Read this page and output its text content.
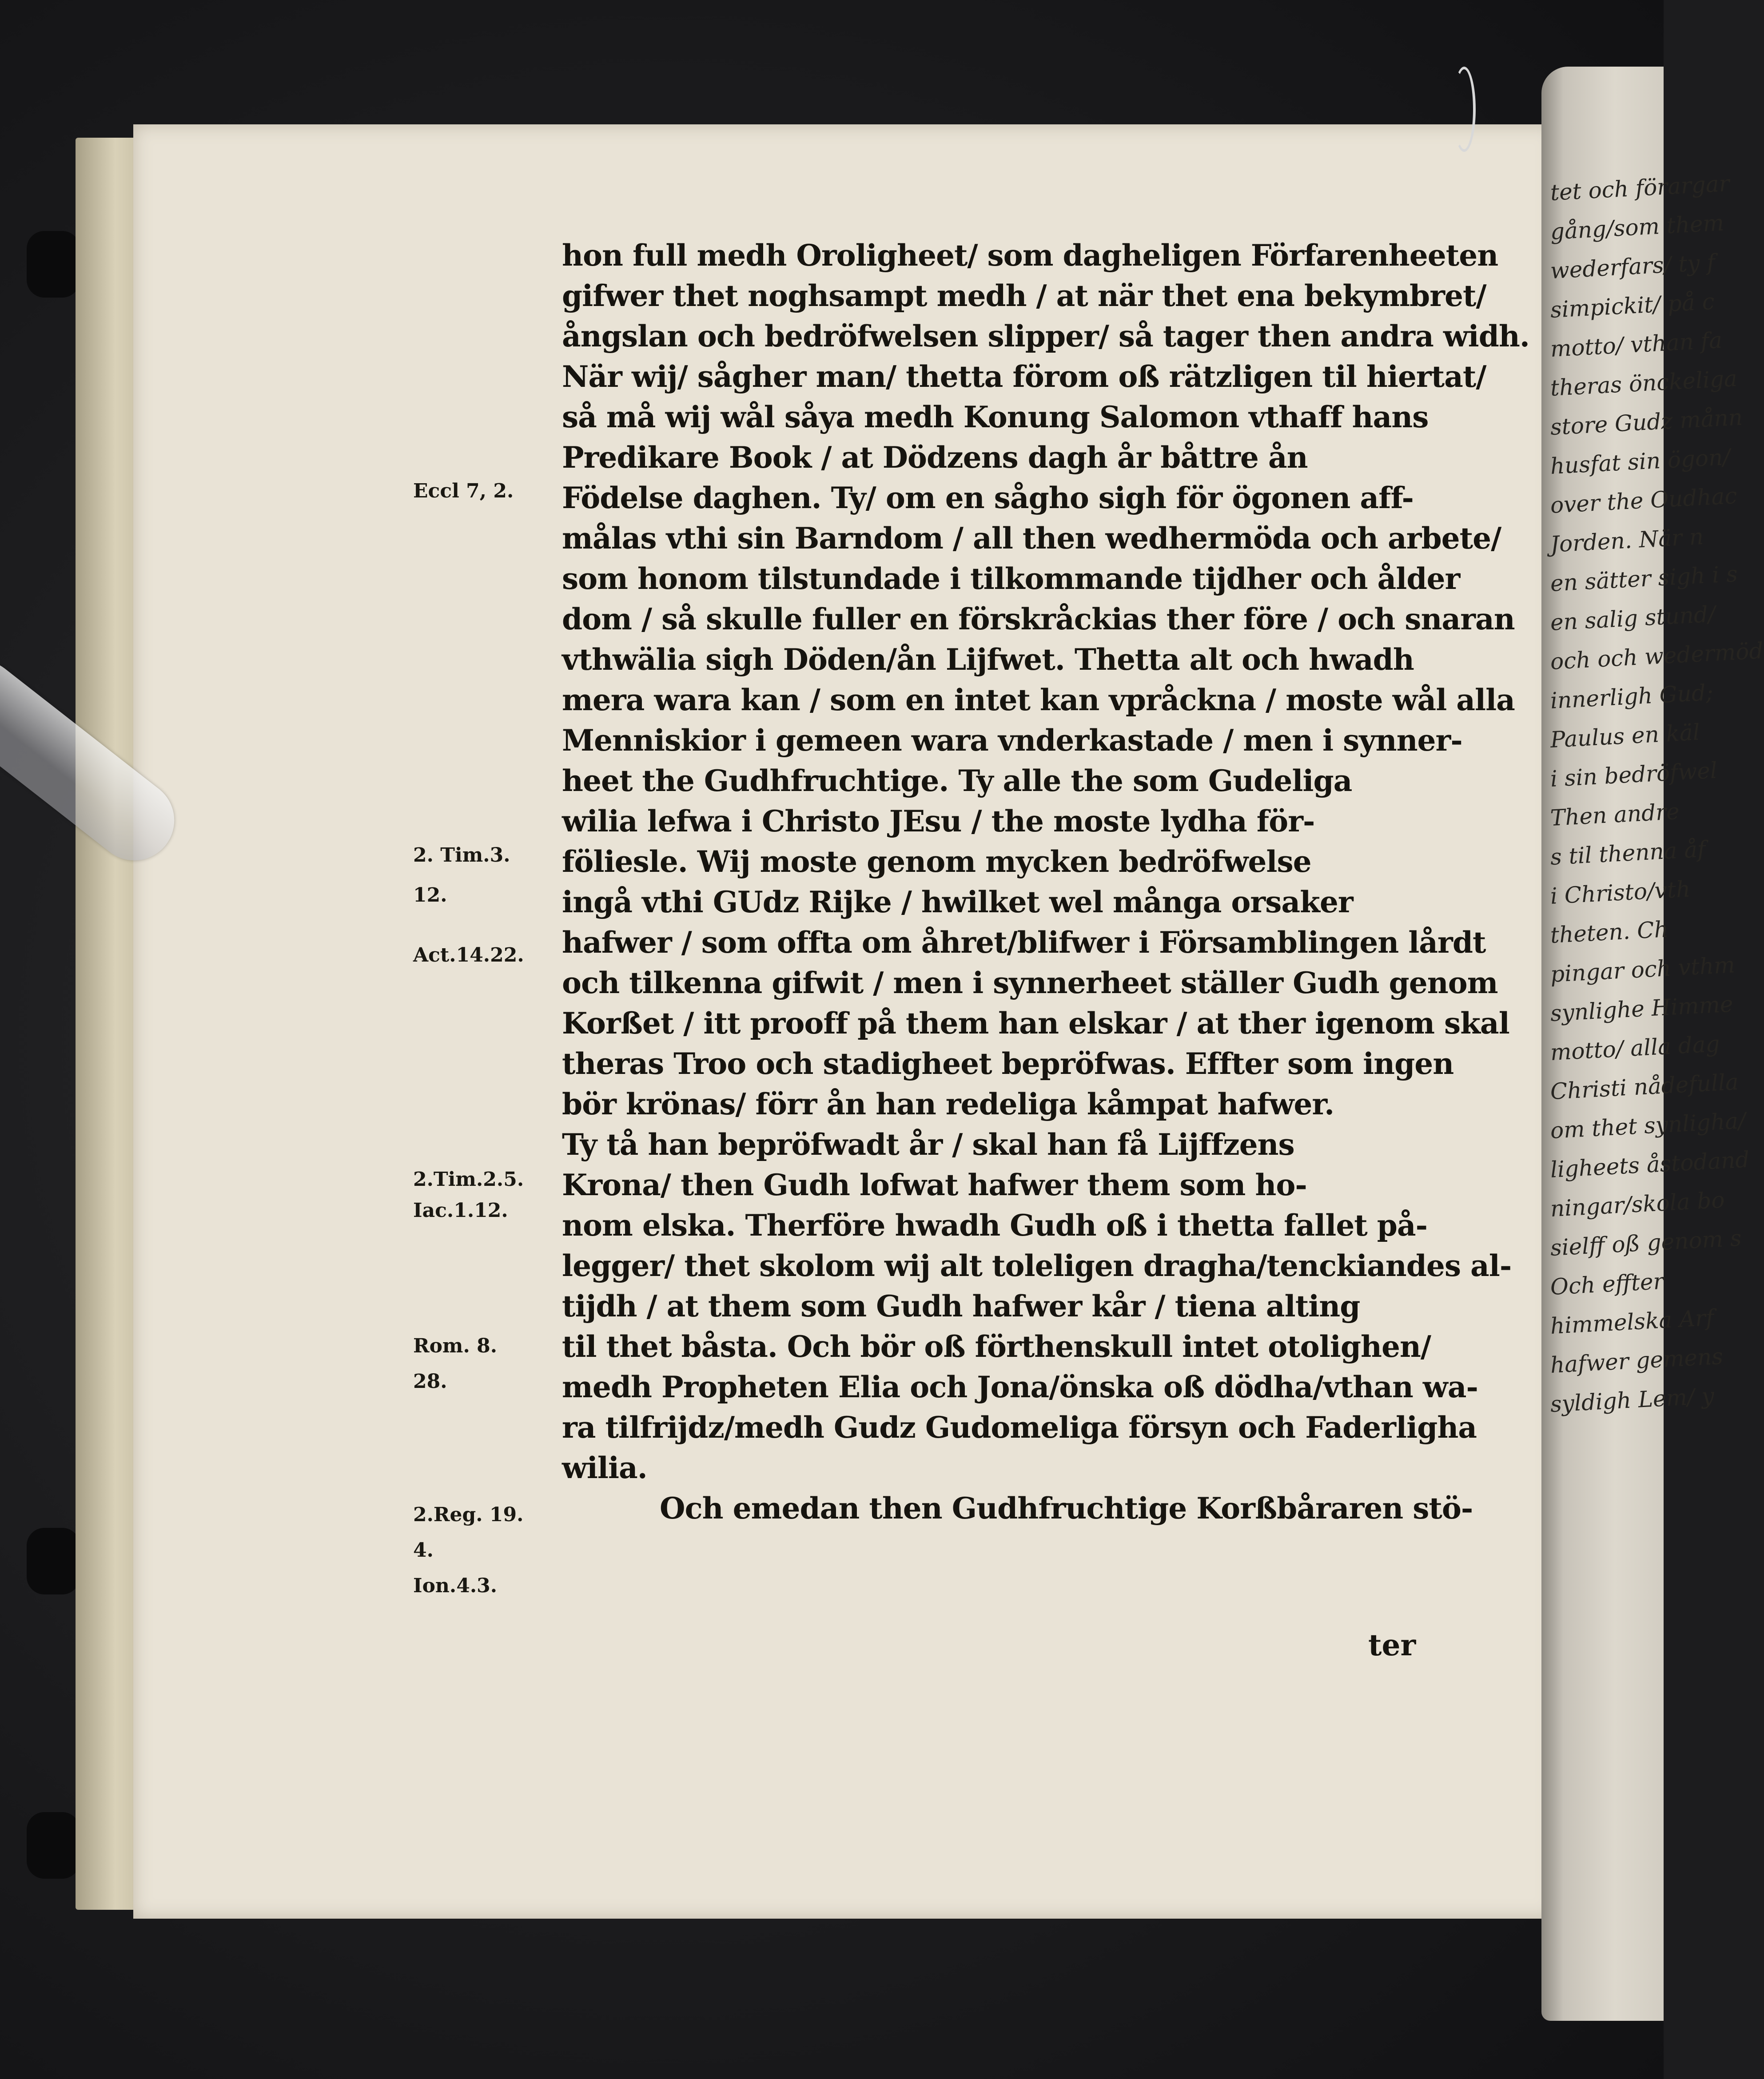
tet och förargar
gång/som them
wederfars/ ty f
simpickit/ på c
motto/ vthan fa
theras önckeliga
store Gudz månn
husfat sin ögon/
over the Oudhac
Jorden. När n
en sätter sigh i s
en salig stund/
och och wedermöd
innerligh Gud;
Paulus en käl
i sin bedröfwel
Then andre
s til thenna åf
i Christo/vth
theten. Ch
pingar och vthm
synlighe Himme
motto/ alla dag
Christi nådefulla
om thet synligha/
ligheets åstodand
ningar/skola bo
sielff oß genom s
Och effter
himmelska Arf
hafwer gemens
syldigh Lem/ y
Eccl 7, 2.
2. Tim.3.
12.
Act.14.22.
2.Tim.2.5.
Iac.1.12.
Rom. 8.
28.
2.Reg. 19.
4.
Ion.4.3.
hon full medh Oroligheet/ som dagheligen Förfarenheeten
gifwer thet noghsampt medh / at när thet ena bekymbret/
ångslan och bedröfwelsen slipper/ så tager then andra widh.
När wij/ sågher man/ thetta förom oß rätzligen til hiertat/
så må wij wål såya medh Konung Salomon vthaff hans
Predikare Book / at Dödzens dagh år båttre ån
Födelse daghen. Ty/ om en såghо sigh för ögonen aff-
målas vthi sin Barndom / all then wedhermöda och arbete/
som honom tilstundade i tilkommande tijdher och ålder
dom / så skulle fuller en förskråckias ther före / och snaran
vthwälia sigh Döden/ån Lijfwet. Thetta alt och hwadh
mera wara kan / som en intet kan vpråckna / moste wål alla
Menniskior i gemeen wara vnderkastade / men i synner-
heet the Gudhfruchtige. Ty alle the som Gudeliga
wilia lefwa i Christo JEsu / the moste lydha för-
föliesle. Wij moste genom mycken bedröfwelse
ingå vthi GUdz Rijke / hwilket wel många orsaker
hafwer / som offta om åhret/blifwer i Församblingen lårdt
och tilkenna gifwit / men i synnerheet ställer Gudh genom
Korßet / itt prooff på them han elskar / at ther igenom skal
theras Troo och stadigheet bepröfwas. Effter som ingen
bör krönas/ förr ån han redeliga kåmpat hafwer.
Ty tå han bepröfwadt år / skal han få Lijffzens
Krona/ then Gudh lofwat hafwer them som ho-
nom elska. Therföre hwadh Gudh oß i thetta fallet på-
legger/ thet skolom wij alt toleligen dragha/tenckiandes al-
tijdh / at them som Gudh hafwer kår / tiena alting
til thet båsta. Och bör oß förthenskull intet otolighen/
medh Propheten Elia och Jona/önska oß dödha/vthan wa-
ra tilfrijdz/medh Gudz Gudomeliga försyn och Faderligha
wilia.
Och emedan then Gudhfruchtige Korßbåraren stö-
ter
